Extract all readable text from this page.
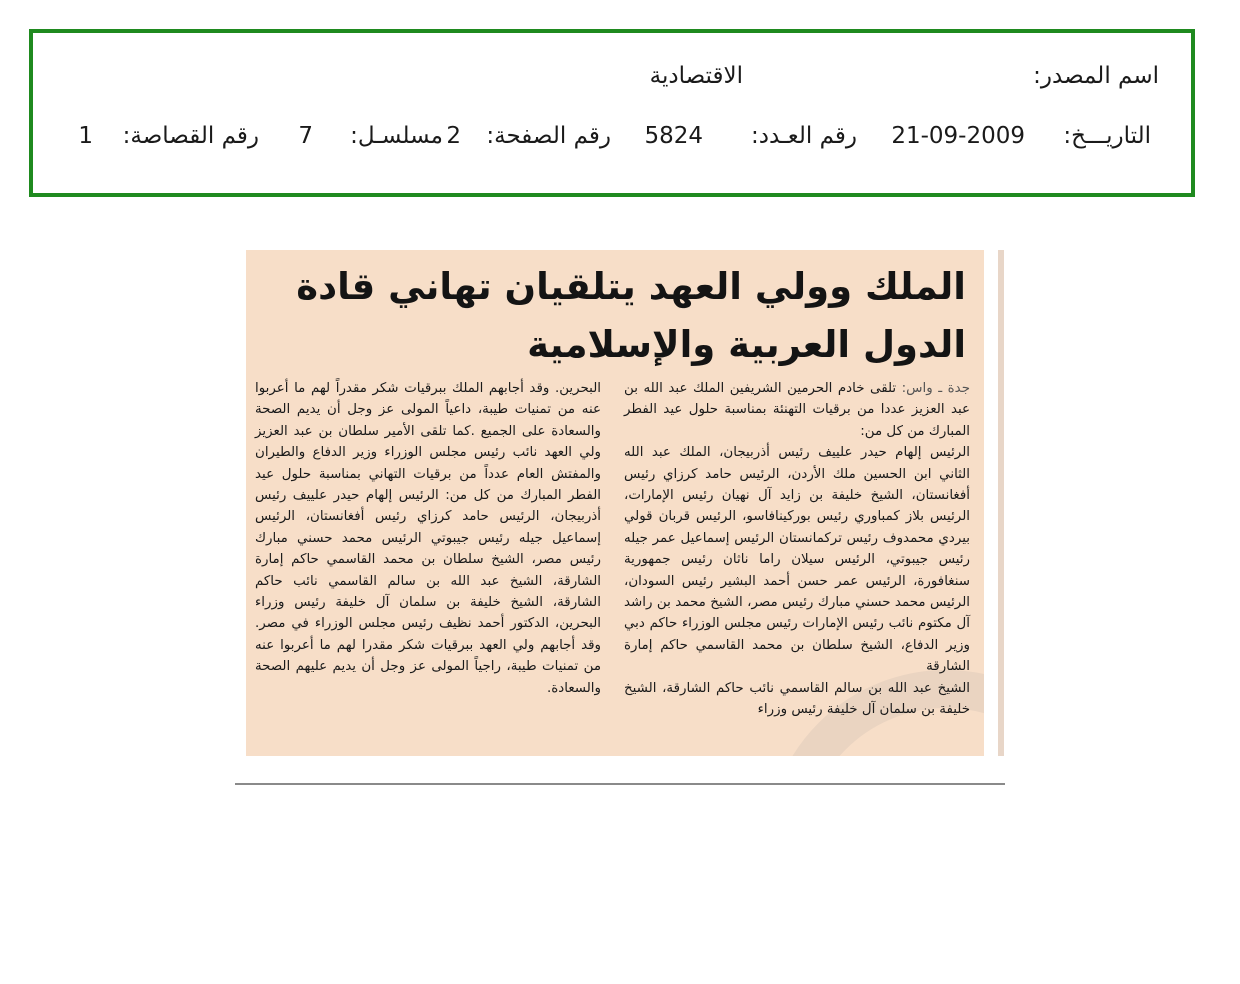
اسم المصدر:
الاقتصادية
التاريـــخ:
21-09-2009
رقم العـدد:
5824
رقم الصفحة:
2
مسلسـل:
7
رقم القصاصة:
1
الملك وولي العهد يتلقيان تهاني قادة الدول العربية والإسلامية

جدة ـ واس: تلقى خادم الحرمين الشريفين الملك عبد الله بن عبد العزيز عددا من برقيات التهنئة بمناسبة حلول عيد الفطر المبارك من كل من:

الرئيس إلهام حيدر علييف رئيس أذربيجان، الملك عبد الله الثاني ابن الحسين ملك الأردن، الرئيس حامد كرزاي رئيس أفغانستان، الشيخ خليفة بن زايد آل نهيان رئيس الإمارات، الرئيس بلاز كمباوري رئيس بوركينافاسو، الرئيس قربان قولي بيردي محمدوف رئيس تركمانستان الرئيس إسماعيل عمر جيله رئيس جيبوتي، الرئيس سيلان راما ناثان رئيس جمهورية سنغافورة، الرئيس عمر حسن أحمد البشير رئيس السودان، الرئيس محمد حسني مبارك رئيس مصر، الشيخ محمد بن راشد آل مكتوم نائب رئيس الإمارات رئيس مجلس الوزراء حاكم دبي وزير الدفاع، الشيخ سلطان بن محمد القاسمي حاكم إمارة الشارقة

الشيخ عبد الله بن سالم القاسمي نائب حاكم الشارقة، الشيخ خليفة بن سلمان آل خليفة رئيس وزراء

البحرين. وقد أجابهم الملك ببرقيات شكر مقدراً لهم ما أعربوا عنه من تمنيات طيبة، داعياً المولى عز وجل أن يديم الصحة والسعادة على الجميع .كما تلقى الأمير سلطان بن عبد العزيز ولي العهد نائب رئيس مجلس الوزراء وزير الدفاع والطيران والمفتش العام عدداً من برقيات التهاني بمناسبة حلول عيد الفطر المبارك من كل من: الرئيس إلهام حيدر علييف رئيس أذربيجان، الرئيس حامد كرزاي رئيس أفغانستان، الرئيس إسماعيل جيله رئيس جيبوتي الرئيس محمد حسني مبارك رئيس مصر، الشيخ سلطان بن محمد القاسمي حاكم إمارة الشارقة، الشيخ عبد الله بن سالم القاسمي نائب حاكم الشارقة، الشيخ خليفة بن سلمان آل خليفة رئيس وزراء البحرين، الدكتور أحمد نظيف رئيس مجلس الوزراء في مصر. وقد أجابهم ولي العهد ببرقيات شكر مقدرا لهم ما أعربوا عنه من تمنيات طيبة، راجياً المولى عز وجل أن يديم عليهم الصحة والسعادة.
